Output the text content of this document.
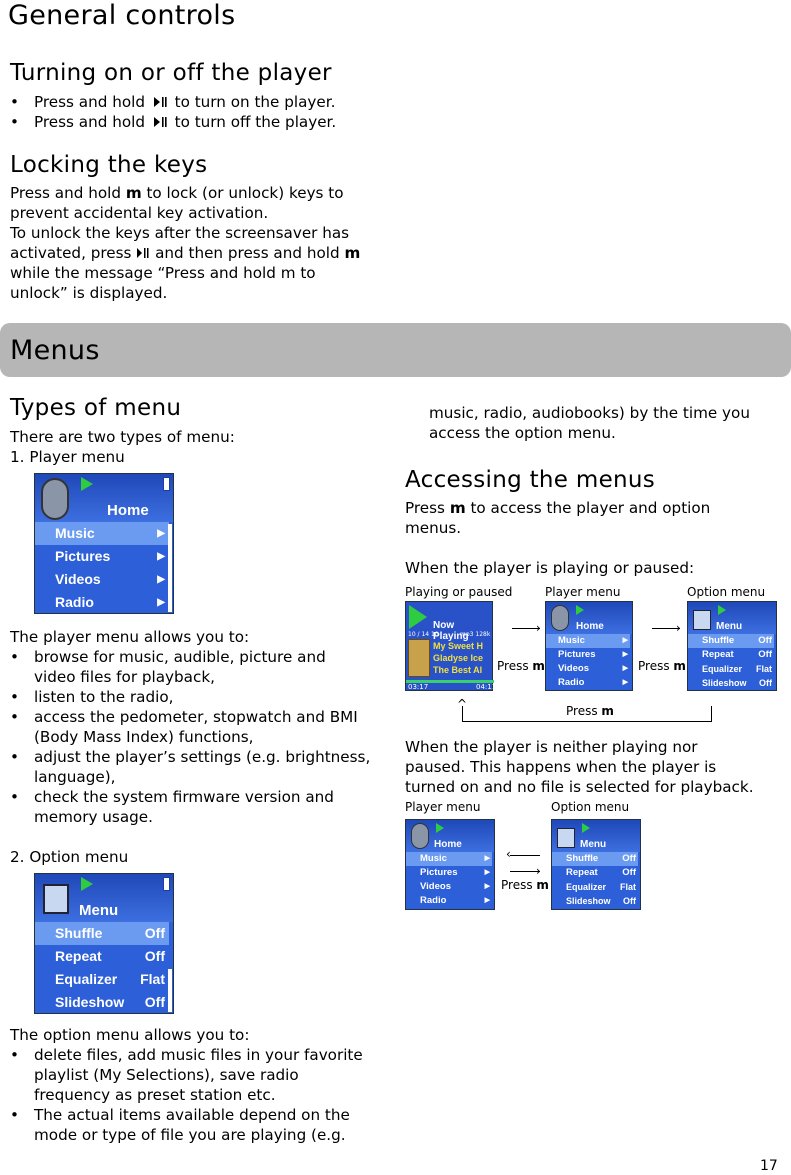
General controls
Turning on or off the player
• Press and hold to turn on the player.
• Press and hold to turn off the player.
Locking the keys
Press and hold m to lock (or unlock) keys to
prevent accidental key activation.
To unlock the keys after the screensaver has
activated, press  and then press and hold m
while the message “Press and hold m to
unlock” is displayed.
Menus
Types of menu
There are two types of menu:
1. Player menu
Home
Music	▶
Pictures	▶
Videos	▶
Radio	▶
The player menu allows you to:
• browse for music, audible, picture and
video files for playback,
• listen to the radio,
• access the pedometer, stopwatch and BMI
(Body Mass Index) functions,
• adjust the player’s settings (e.g. brightness,
language),
• check the system firmware version and
memory usage.
2. Option menu
Menu
Shuffle	Off
Repeat	Off
Equalizer Flat
Slideshow Off
The option menu allows you to:
• delete files, add music files in your favorite
playlist (My Selections), save radio
frequency as preset station etc.
• The actual items available depend on the
mode or type of file you are playing (e.g.
music, radio, audiobooks) by the time you
access the option menu.
Accessing the menus
Press m to access the player and option
menus.
When the player is playing or paused:
Playing or paused	Player menu	Option menu
Now Playing
10 / 14 10	mp3 128k
My Sweet H
Gladyse Ice
The Best Al
03:17	04:11
›
Press m
Home
Music	▶
Pictures	▶
Videos	▶
Radio	▶
›
Press m
Menu
Shuffle	Off
Repeat	Off
Equalizer Flat
Slideshow Off
^	Press m
When the player is neither playing nor
paused. This happens when the player is
turned on and no file is selected for playback.
Player menu	Option menu
Home
Music	▶
Pictures	▶
Videos	▶
Radio	▶
‹
›
Press m
Menu
Shuffle	Off
Repeat	Off
Equalizer Flat
Slideshow Off
17
